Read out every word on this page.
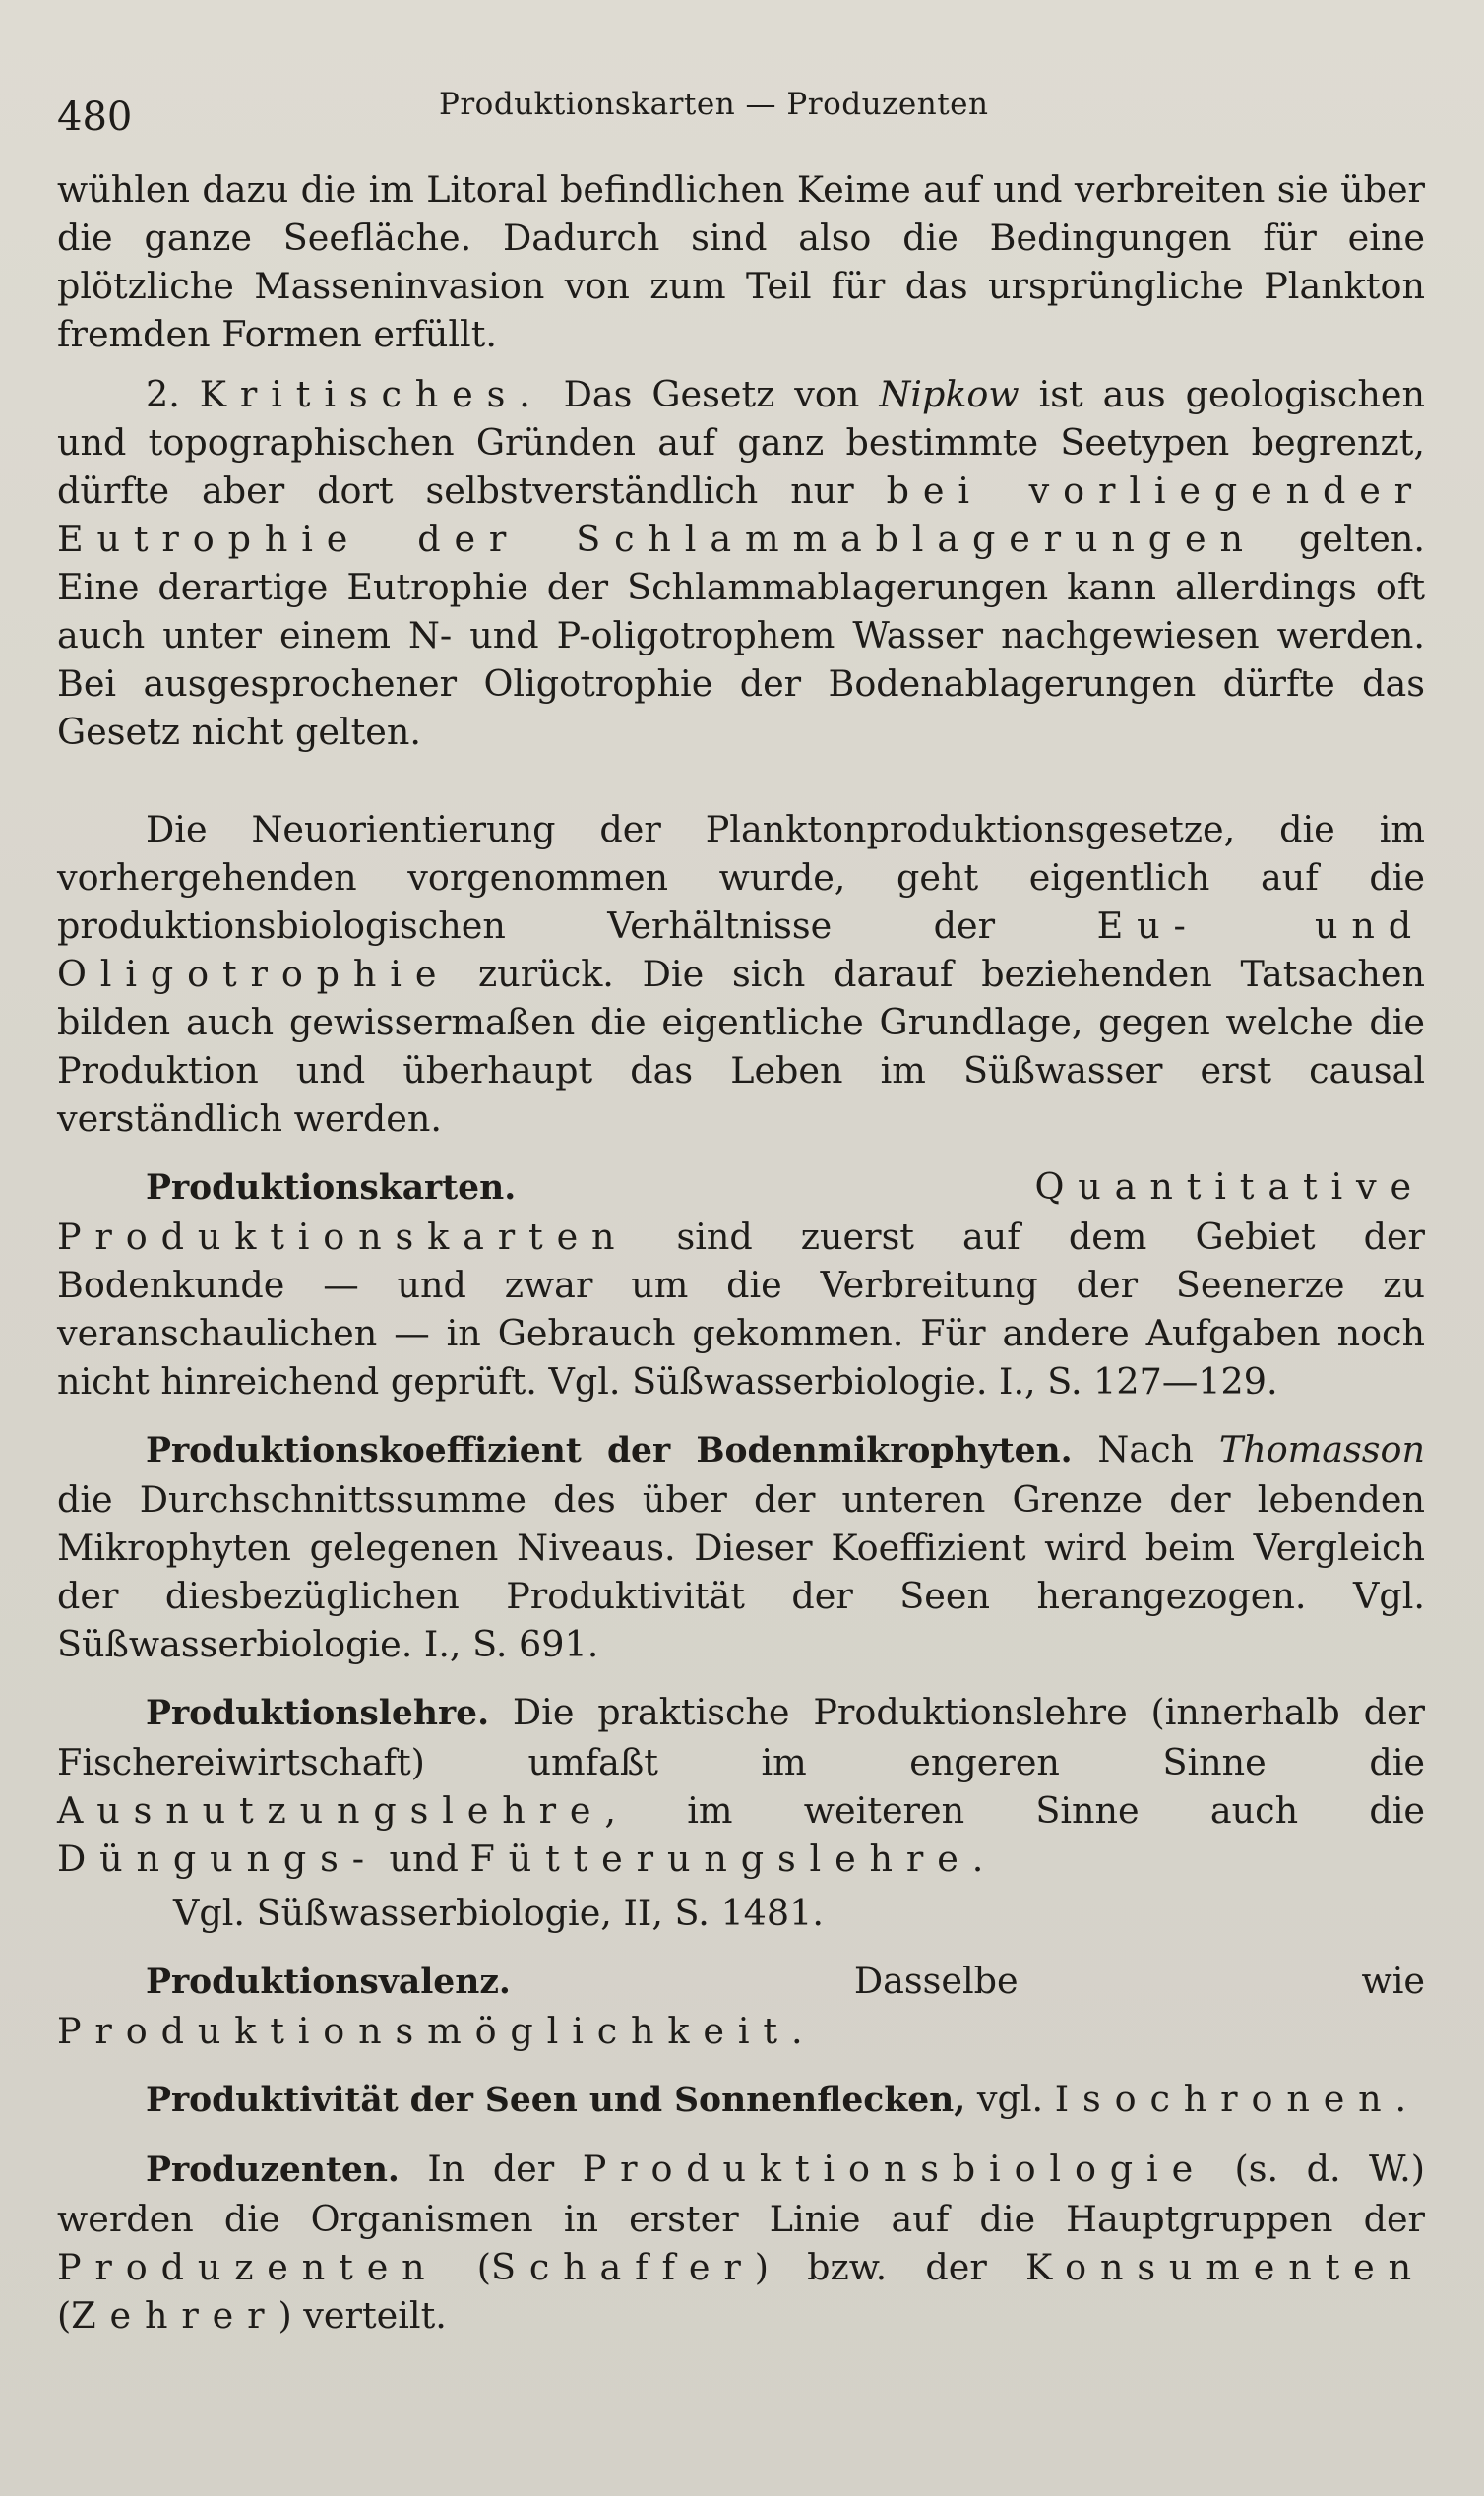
480	Produktionskarten — Produzenten

wühlen dazu die im Litoral befindlichen Keime auf und verbreiten sie über die ganze Seefläche. Dadurch sind also die Bedingungen für eine plötzliche Masseninvasion von zum Teil für das ursprüngliche Plankton fremden Formen erfüllt.

2. Kritisches. Das Gesetz von Nipkow ist aus geologischen und topographischen Gründen auf ganz bestimmte Seetypen begrenzt, dürfte aber dort selbstverständlich nur bei vorliegender Eutrophie der Schlammablagerungen gelten. Eine derartige Eutrophie der Schlammablagerungen kann allerdings oft auch unter einem N- und P-oligotrophem Wasser nachgewiesen werden. Bei ausgesprochener Oligotrophie der Bodenablagerungen dürfte das Gesetz nicht gelten.

Die Neuorientierung der Planktonproduktionsgesetze, die im vorhergehenden vorgenommen wurde, geht eigentlich auf die produktionsbiologischen Verhältnisse der Eu- und Oligotrophie zurück. Die sich darauf beziehenden Tatsachen bilden auch gewissermaßen die eigentliche Grundlage, gegen welche die Produktion und überhaupt das Leben im Süßwasser erst causal verständlich werden.

Produktionskarten.	Quantitative Produktionskarten sind zuerst auf dem Gebiet der Bodenkunde — und zwar um die Verbreitung der Seenerze zu veranschaulichen — in Gebrauch gekommen. Für andere Aufgaben noch nicht hinreichend geprüft. Vgl. Süßwasserbiologie. I., S. 127—129.

Produktionskoeffizient der Bodenmikrophyten. Nach Thomasson die Durchschnittssumme des über der unteren Grenze der lebenden Mikrophyten gelegenen Niveaus. Dieser Koeffizient wird beim Vergleich der diesbezüglichen Produktivität der Seen herangezogen. Vgl. Süßwasserbiologie. I., S. 691.

Produktionslehre. Die praktische Produktionslehre (innerhalb der Fischereiwirtschaft) umfaßt im engeren Sinne die Ausnutzungslehre, im weiteren Sinne auch die Düngungs- und Fütterungslehre.

Vgl. Süßwasserbiologie, II, S. 1481.

Produktionsvalenz. Dasselbe wie Produktionsmöglichkeit.

Produktivität der Seen und Sonnenflecken, vgl. Isochronen.

Produzenten. In der Produktionsbiologie (s. d. W.) werden die Organismen in erster Linie auf die Hauptgruppen der Produzenten (Schaffer) bzw. der Konsumenten (Zehrer) verteilt.
